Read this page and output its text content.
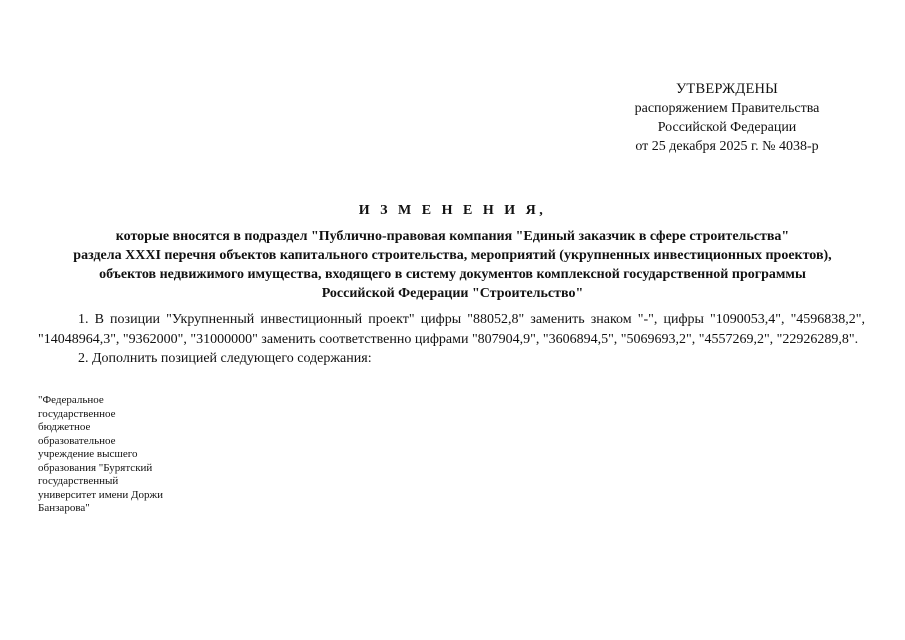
УТВЕРЖДЕНЫ
распоряжением Правительства
Российской Федерации
от 25 декабря 2025 г. № 4038-р
И З М Е Н Е Н И Я,
которые вносятся в подраздел "Публично-правовая компания "Единый заказчик в сфере строительства"
раздела XXXI перечня объектов капитального строительства, мероприятий (укрупненных инвестиционных проектов),
объектов недвижимого имущества, входящего в систему документов комплексной государственной программы
Российской Федерации "Строительство"

1. В позиции "Укрупненный инвестиционный проект" цифры "88052,8" заменить знаком "-", цифры "1090053,4", "4596838,2", "14048964,3", "9362000", "31000000" заменить соответственно цифрами "807904,9", "3606894,5", "5069693,2", "4557269,2", "22926289,8".

2. Дополнить позицией следующего содержания:

"Федеральное
государственное
бюджетное
образовательное
учреждение высшего
образования "Бурятский
государственный
университет имени Доржи
Банзарова"
